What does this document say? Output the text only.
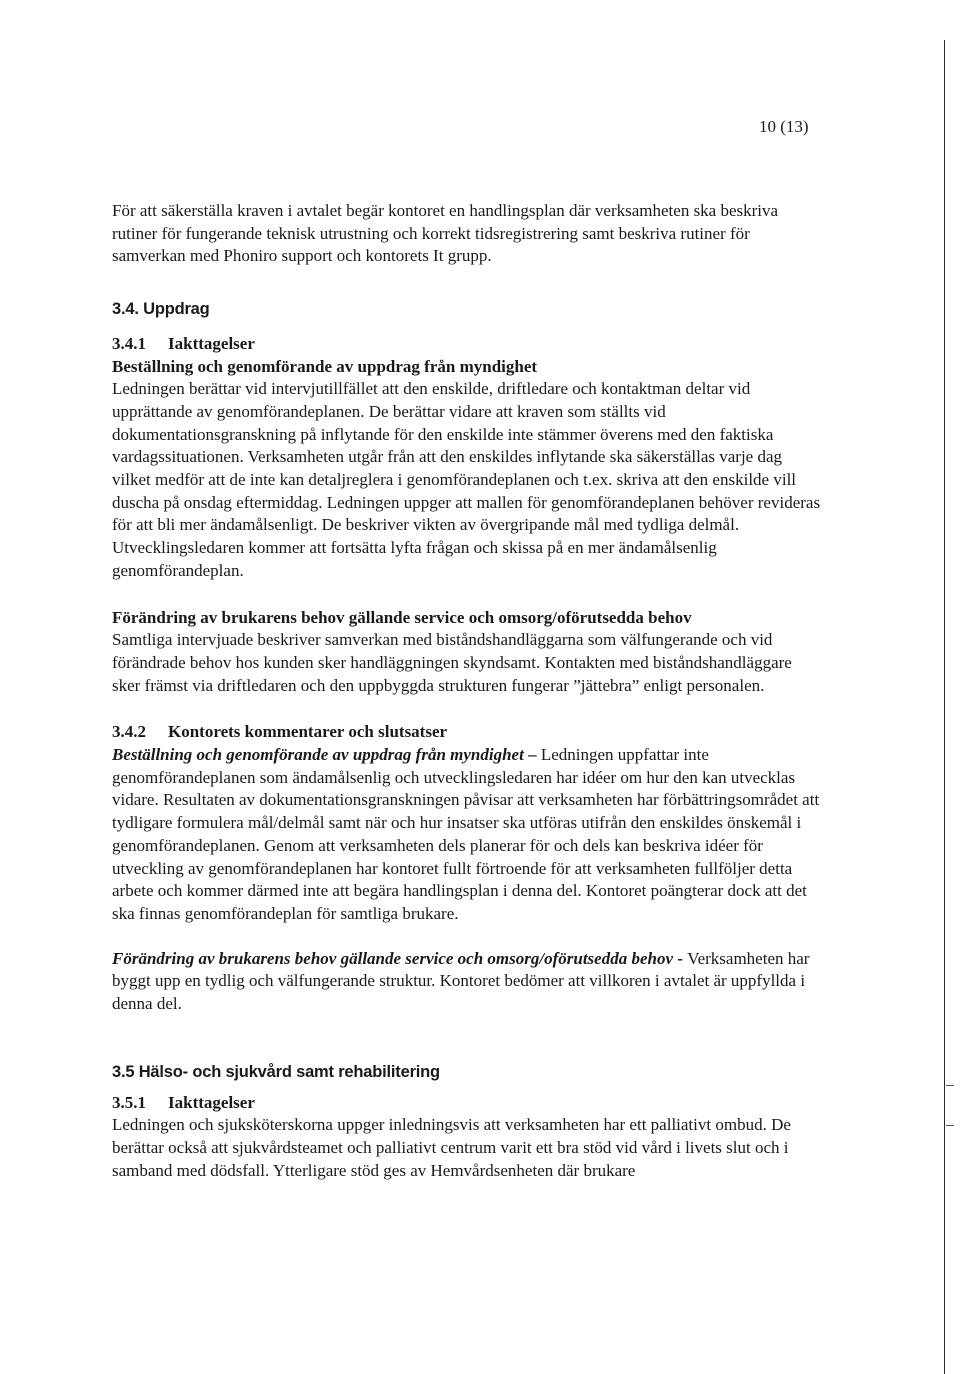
10 (13)

För att säkerställa kraven i avtalet begär kontoret en handlingsplan där verksamheten ska beskriva rutiner för fungerande teknisk utrustning och korrekt tidsregistrering samt beskriva rutiner för samverkan med Phoniro support och kontorets It grupp.

3.4. Uppdrag

3.4.1 Iakttagelser

Beställning och genomförande av uppdrag från myndighet

Ledningen berättar vid intervjutillfället att den enskilde, driftledare och kontaktman deltar vid upprättande av genomförandeplanen. De berättar vidare att kraven som ställts vid dokumentationsgranskning på inflytande för den enskilde inte stämmer överens med den faktiska vardagssituationen. Verksamheten utgår från att den enskildes inflytande ska säkerställas varje dag vilket medför att de inte kan detaljreglera i genomförandeplanen och t.ex. skriva att den enskilde vill duscha på onsdag eftermiddag. Ledningen uppger att mallen för genomförandeplanen behöver revideras för att bli mer ändamålsenligt. De beskriver vikten av övergripande mål med tydliga delmål. Utvecklingsledaren kommer att fortsätta lyfta frågan och skissa på en mer ändamålsenlig genomförandeplan.

Förändring av brukarens behov gällande service och omsorg/oförutsedda behov

Samtliga intervjuade beskriver samverkan med biståndshandläggarna som välfungerande och vid förändrade behov hos kunden sker handläggningen skyndsamt. Kontakten med biståndshandläggare sker främst via driftledaren och den uppbyggda strukturen fungerar ”jättebra” enligt personalen.

3.4.2 Kontorets kommentarer och slutsatser

Beställning och genomförande av uppdrag från myndighet – Ledningen uppfattar inte genomförandeplanen som ändamålsenlig och utvecklingsledaren har idéer om hur den kan utvecklas vidare. Resultaten av dokumentationsgranskningen påvisar att verksamheten har förbättringsområdet att tydligare formulera mål/delmål samt när och hur insatser ska utföras utifrån den enskildes önskemål i genomförandeplanen. Genom att verksamheten dels planerar för och dels kan beskriva idéer för utveckling av genomförandeplanen har kontoret fullt förtroende för att verksamheten fullföljer detta arbete och kommer därmed inte att begära handlingsplan i denna del. Kontoret poängterar dock att det ska finnas genomförandeplan för samtliga brukare.

Förändring av brukarens behov gällande service och omsorg/oförutsedda behov - Verksamheten har byggt upp en tydlig och välfungerande struktur. Kontoret bedömer att villkoren i avtalet är uppfyllda i denna del.

3.5 Hälso- och sjukvård samt rehabilitering

3.5.1 Iakttagelser

Ledningen och sjuksköterskorna uppger inledningsvis att verksamheten har ett palliativt ombud. De berättar också att sjukvårdsteamet och palliativt centrum varit ett bra stöd vid vård i livets slut och i samband med dödsfall. Ytterligare stöd ges av Hemvårdsenheten där brukare
